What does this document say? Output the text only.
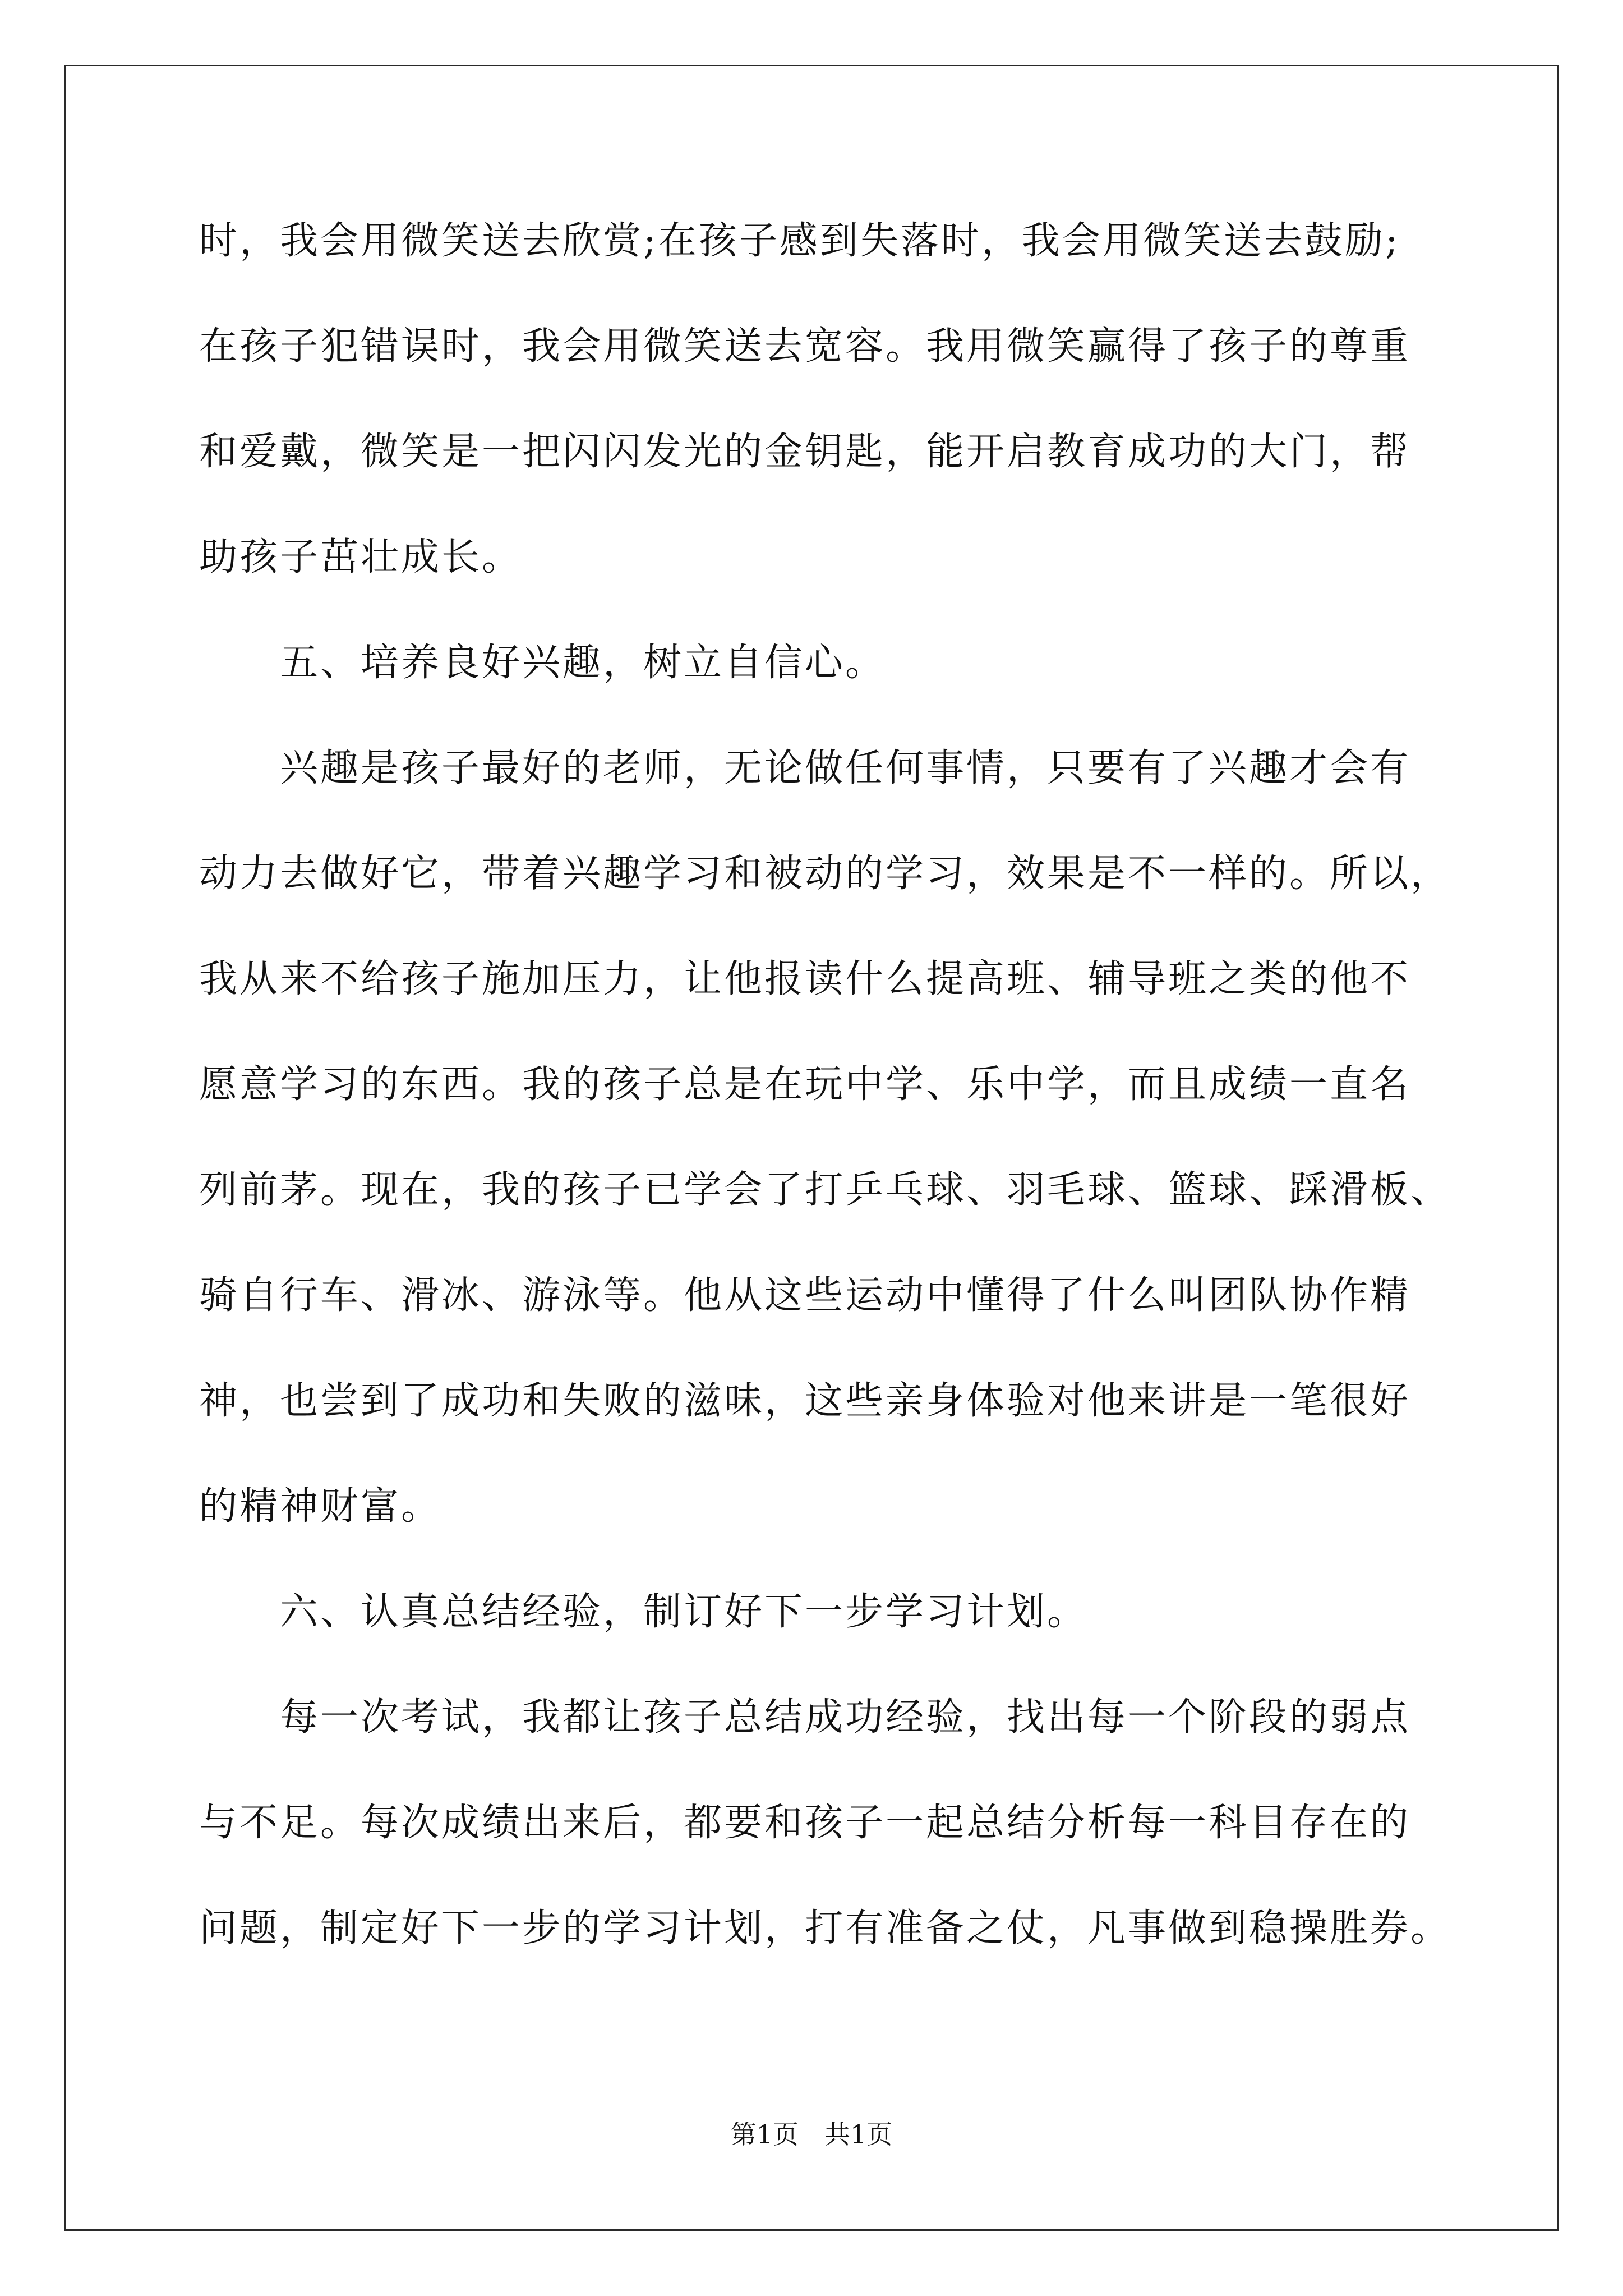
时，我会用微笑送去欣赏;在孩子感到失落时，我会用微笑送去鼓励;
在孩子犯错误时，我会用微笑送去宽容。我用微笑赢得了孩子的尊重
和爱戴，微笑是一把闪闪发光的金钥匙，能开启教育成功的大门，帮
助孩子茁壮成长。
　　五、培养良好兴趣，树立自信心。
　　兴趣是孩子最好的老师，无论做任何事情，只要有了兴趣才会有
动力去做好它，带着兴趣学习和被动的学习，效果是不一样的。所以，
我从来不给孩子施加压力，让他报读什么提高班、辅导班之类的他不
愿意学习的东西。我的孩子总是在玩中学、乐中学，而且成绩一直名
列前茅。现在，我的孩子已学会了打乒乓球、羽毛球、篮球、踩滑板、
骑自行车、滑冰、游泳等。他从这些运动中懂得了什么叫团队协作精
神，也尝到了成功和失败的滋味，这些亲身体验对他来讲是一笔很好
的精神财富。
　　六、认真总结经验，制订好下一步学习计划。
　　每一次考试，我都让孩子总结成功经验，找出每一个阶段的弱点
与不足。每次成绩出来后，都要和孩子一起总结分析每一科目存在的
问题，制定好下一步的学习计划，打有准备之仗，凡事做到稳操胜券。
第1页　共1页
